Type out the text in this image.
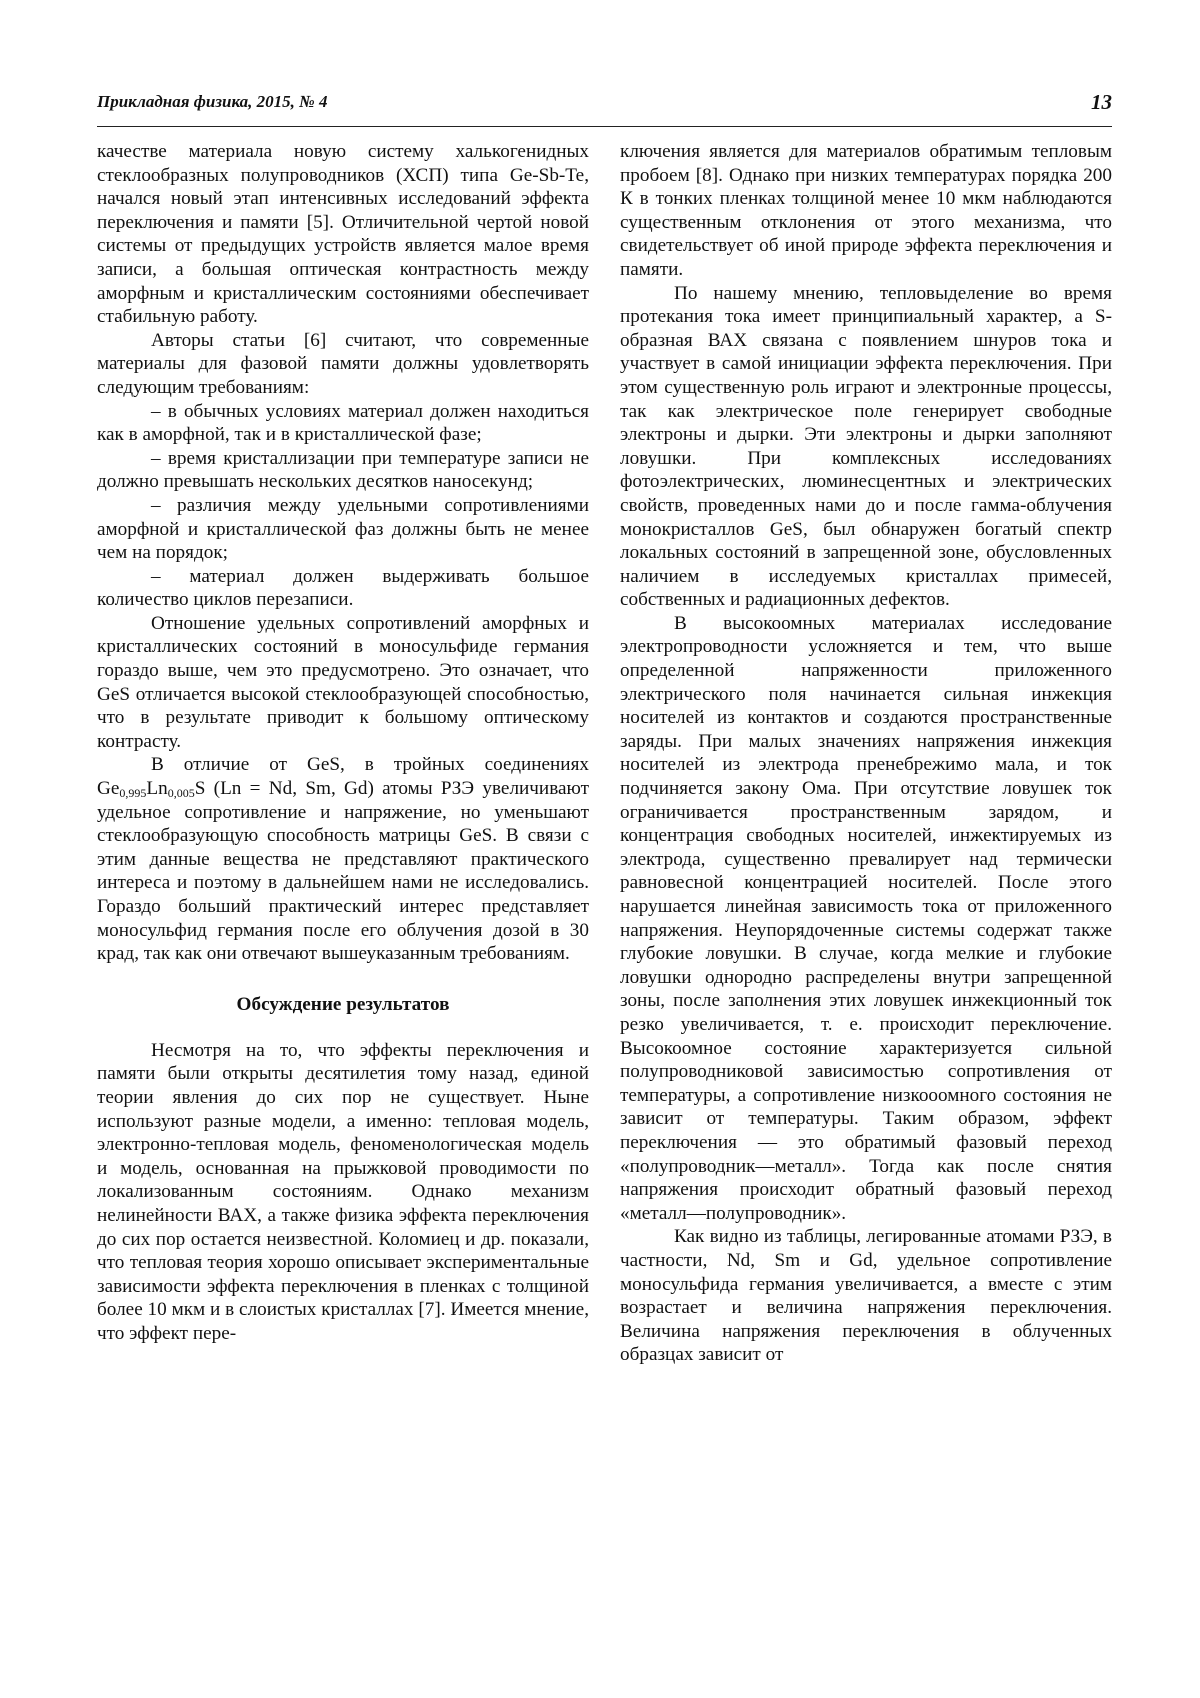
Прикладная физика, 2015, № 4	13

качестве материала новую систему халькогенидных стеклообразных полупроводников (ХСП) типа Ge-Sb-Te, начался новый этап интенсивных исследований эффекта переключения и памяти [5]. Отличительной чертой новой системы от предыдущих устройств является малое время записи, а большая оптическая контрастность между аморфным и кристаллическим состояниями обеспечивает стабильную работу.

Авторы статьи [6] считают, что современные материалы для фазовой памяти должны удовлетворять следующим требованиям:

– в обычных условиях материал должен находиться как в аморфной, так и в кристаллической фазе;

– время кристаллизации при температуре записи не должно превышать нескольких десятков наносекунд;

– различия между удельными сопротивлениями аморфной и кристаллической фаз должны быть не менее чем на порядок;

– материал должен выдерживать большое количество циклов перезаписи.

Отношение удельных сопротивлений аморфных и кристаллических состояний в моносульфиде германия гораздо выше, чем это предусмотрено. Это означает, что GeS отличается высокой стеклообразующей способностью, что в результате приводит к большому оптическому контрасту.

В отличие от GeS, в тройных соединениях $Ge_{0,995}Ln_{0,005}S$ (Ln = Nd, Sm, Gd) атомы РЗЭ увеличивают удельное сопротивление и напряжение, но уменьшают стеклообразующую способность матрицы GeS. В связи с этим данные вещества не представляют практического интереса и поэтому в дальнейшем нами не исследовались. Гораздо больший практический интерес представляет моносульфид германия после его облучения дозой в 30 крад, так как они отвечают вышеуказанным требованиям.

Обсуждение результатов

Несмотря на то, что эффекты переключения и памяти были открыты десятилетия тому назад, единой теории явления до сих пор не существует. Ныне используют разные модели, а именно: тепловая модель, электронно-тепловая модель, феноменологическая модель и модель, основанная на прыжковой проводимости по локализованным состояниям. Однако механизм нелинейности ВАХ, а также физика эффекта переключения до сих пор остается неизвестной. Коломиец и др. показали, что тепловая теория хорошо описывает экспериментальные зависимости эффекта переключения в пленках с толщиной более 10 мкм и в слоистых кристаллах [7]. Имеется мнение, что эффект пере-

ключения является для материалов обратимым тепловым пробоем [8]. Однако при низких температурах порядка 200 К в тонких пленках толщиной менее 10 мкм наблюдаются существенным отклонения от этого механизма, что свидетельствует об иной природе эффекта переключения и памяти.

По нашему мнению, тепловыделение во время протекания тока имеет принципиальный характер, а S-образная ВАХ связана с появлением шнуров тока и участвует в самой инициации эффекта переключения. При этом существенную роль играют и электронные процессы, так как электрическое поле генерирует свободные электроны и дырки. Эти электроны и дырки заполняют ловушки. При комплексных исследованиях фотоэлектрических, люминесцентных и электрических свойств, проведенных нами до и после гамма-облучения монокристаллов GeS, был обнаружен богатый спектр локальных состояний в запрещенной зоне, обусловленных наличием в исследуемых кристаллах примесей, собственных и радиационных дефектов.

В высокоомных материалах исследование электропроводности усложняется и тем, что выше определенной напряженности приложенного электрического поля начинается сильная инжекция носителей из контактов и создаются пространственные заряды. При малых значениях напряжения инжекция носителей из электрода пренебрежимо мала, и ток подчиняется закону Ома. При отсутствие ловушек ток ограничивается пространственным зарядом, и концентрация свободных носителей, инжектируемых из электрода, существенно превалирует над термически равновесной концентрацией носителей. После этого нарушается линейная зависимость тока от приложенного напряжения. Неупорядоченные системы содержат также глубокие ловушки. В случае, когда мелкие и глубокие ловушки однородно распределены внутри запрещенной зоны, после заполнения этих ловушек инжекционный ток резко увеличивается, т. е. происходит переключение. Высокоомное состояние характеризуется сильной полупроводниковой зависимостью сопротивления от температуры, а сопротивление низкооомного состояния не зависит от температуры. Таким образом, эффект переключения — это обратимый фазовый переход «полупроводник—металл». Тогда как после снятия напряжения происходит обратный фазовый переход «металл—полупроводник».

Как видно из таблицы, легированные атомами РЗЭ, в частности, Nd, Sm и Gd, удельное сопротивление моносульфида германия увеличивается, а вместе с этим возрастает и величина напряжения переключения. Величина напряжения переключения в облученных образцах зависит от
